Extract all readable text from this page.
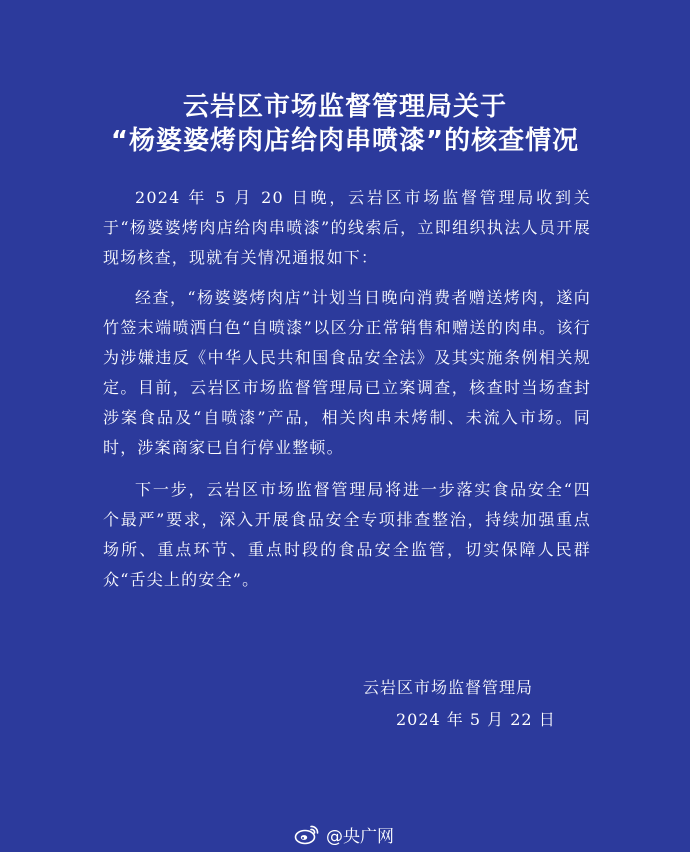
云岩区市场监督管理局关于
“杨婆婆烤肉店给肉串喷漆”的核查情况

2024 年 5 月 20 日晚，云岩区市场监督管理局收到关于“杨婆婆烤肉店给肉串喷漆”的线索后，立即组织执法人员开展现场核查，现就有关情况通报如下：

经查，“杨婆婆烤肉店”计划当日晚向消费者赠送烤肉，遂向竹签末端喷洒白色“自喷漆”以区分正常销售和赠送的肉串。该行为涉嫌违反《中华人民共和国食品安全法》及其实施条例相关规定。目前，云岩区市场监督管理局已立案调查，核查时当场查封涉案食品及“自喷漆”产品，相关肉串未烤制、未流入市场。同时，涉案商家已自行停业整顿。

下一步，云岩区市场监督管理局将进一步落实食品安全“四个最严”要求，深入开展食品安全专项排查整治，持续加强重点场所、重点环节、重点时段的食品安全监管，切实保障人民群众“舌尖上的安全”。

云岩区市场监督管理局

2024 年 5 月 22 日

@央广网
